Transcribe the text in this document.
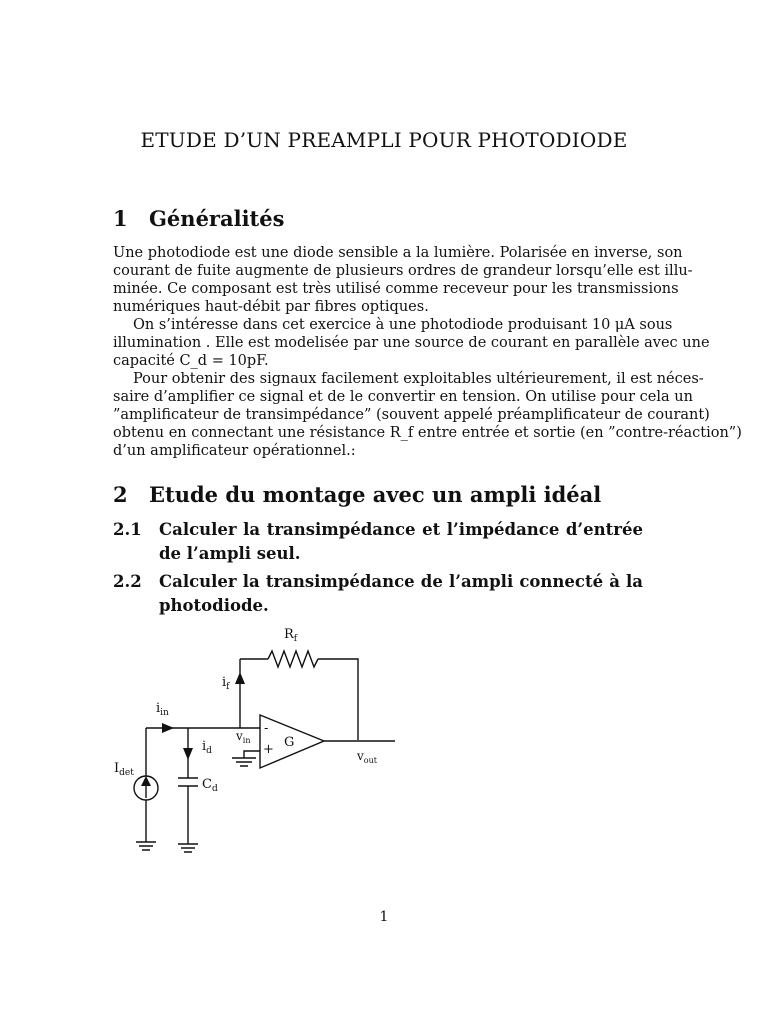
ETUDE D’UN PREAMPLI POUR PHOTODIODE
1 Généralités
Une photodiode est une diode sensible a la lumière. Polarisée en inverse, son
courant de fuite augmente de plusieurs ordres de grandeur lorsqu’elle est illu-
minée. Ce composant est très utilisé comme receveur pour les transmissions
numériques haut-débit par fibres optiques.
On s’intéresse dans cet exercice à une photodiode produisant 10 μA sous
illumination . Elle est modelisée par une source de courant en parallèle avec une
capacité C_d = 10pF.
Pour obtenir des signaux facilement exploitables ultérieurement, il est néces-
saire d’amplifier ce signal et de le convertir en tension. On utilise pour cela un
”amplificateur de transimpédance” (souvent appelé préamplificateur de courant)
obtenu en connectant une résistance R_f entre entrée et sortie (en ”contre-réaction”)
d’un amplificateur opérationnel.:
2 Etude du montage avec un ampli idéal
2.1 Calculer la transimpédance et l’impédance d’entrée
de l’ampli seul.
2.2 Calculer la transimpédance de l’ampli connecté à la
photodiode.
$R_f$
$i_f$
$i_{in}$
$v_{in}$
-
+ G
$i_d$
$I_{det}$
$C_d$
$v_{out}$
1
